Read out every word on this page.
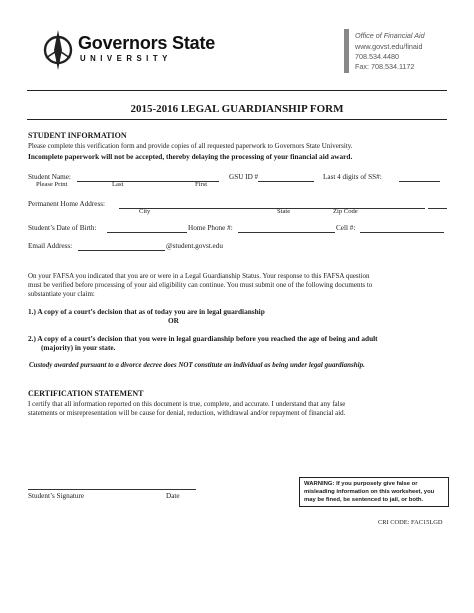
Governors State
UNIVERSITY
Office of Financial Aid
www.govst.edu/finaid
708.534.4480
Fax: 708.534.1172
2015-2016 LEGAL GUARDIANSHIP FORM
STUDENT INFORMATION
Please complete this verification form and provide copies of all requested paperwork to Governors State University.
Incomplete paperwork will not be accepted, thereby delaying the processing of your financial aid award.
Student Name:	GSU ID #	Last 4 digits of SS#:
Please Print	Last	First
Permanent Home Address:
City	State	Zip Code
Student’s Date of Birth:	Home Phone #:	Cell #:
Email Address:	@student.govst.edu
On your FAFSA you indicated that you are or were in a Legal Guardianship Status. Your response to this FAFSA question
must be verified before processing of your aid eligibility can continue. You must submit one of the following documents to
substantiate your claim:
1.) A copy of a court’s decision that as of today you are in legal guardianship
OR
2.) A copy of a court’s decision that you were in legal guardianship before you reached the age of being and adult
(majority) in your state.
Custody awarded pursuant to a divorce decree does NOT constitute an individual as being under legal guardianship.
CERTIFICATION STATEMENT
I certify that all information reported on this document is true, complete, and accurate. I understand that any false
statements or misrepresentation will be cause for denial, reduction, withdrawal and/or repayment of financial aid.
WARNING: If you purposely give false or
misleading information on this worksheet, you
may be fined, be sentenced to jail, or both.
Student’s Signature	Date
CRI CODE: FAC15LGD
